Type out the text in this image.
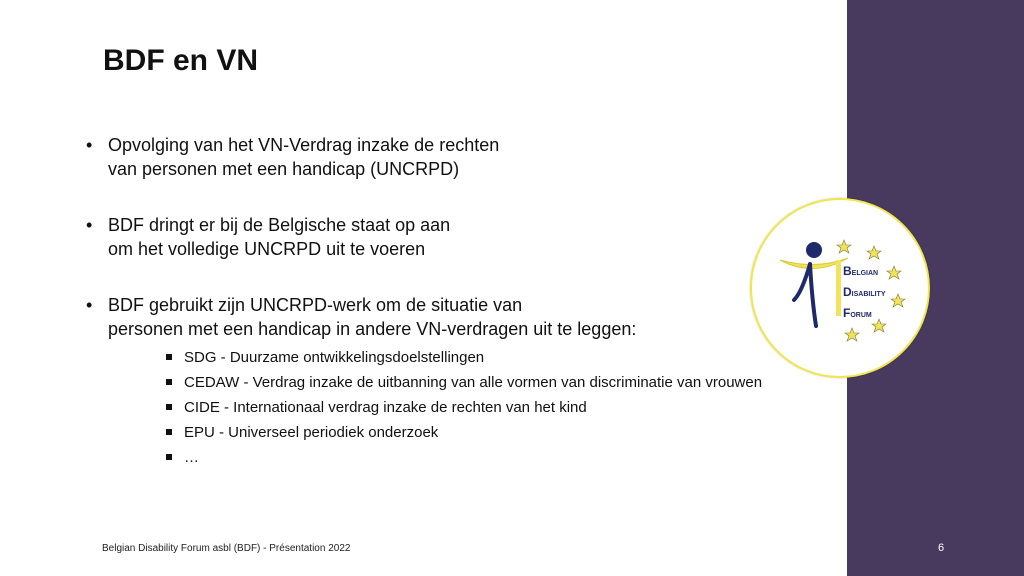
BDF en VN
• Opvolging van het VN-Verdrag inzake de rechten
van personen met een handicap (UNCRPD)
• BDF dringt er bij de Belgische staat op aan
om het volledige UNCRPD uit te voeren
• BDF gebruikt zijn UNCRPD-werk om de situatie van
personen met een handicap in andere VN-verdragen uit te leggen:
SDG - Duurzame ontwikkelingsdoelstellingen
CEDAW - Verdrag inzake de uitbanning van alle vormen van discriminatie van vrouwen
CIDE - Internationaal verdrag inzake de rechten van het kind
EPU - Universeel periodiek onderzoek
…
BELGIAN
DISABILITY
FORUM
Belgian Disability Forum asbl (BDF) - Présentation 2022	6
